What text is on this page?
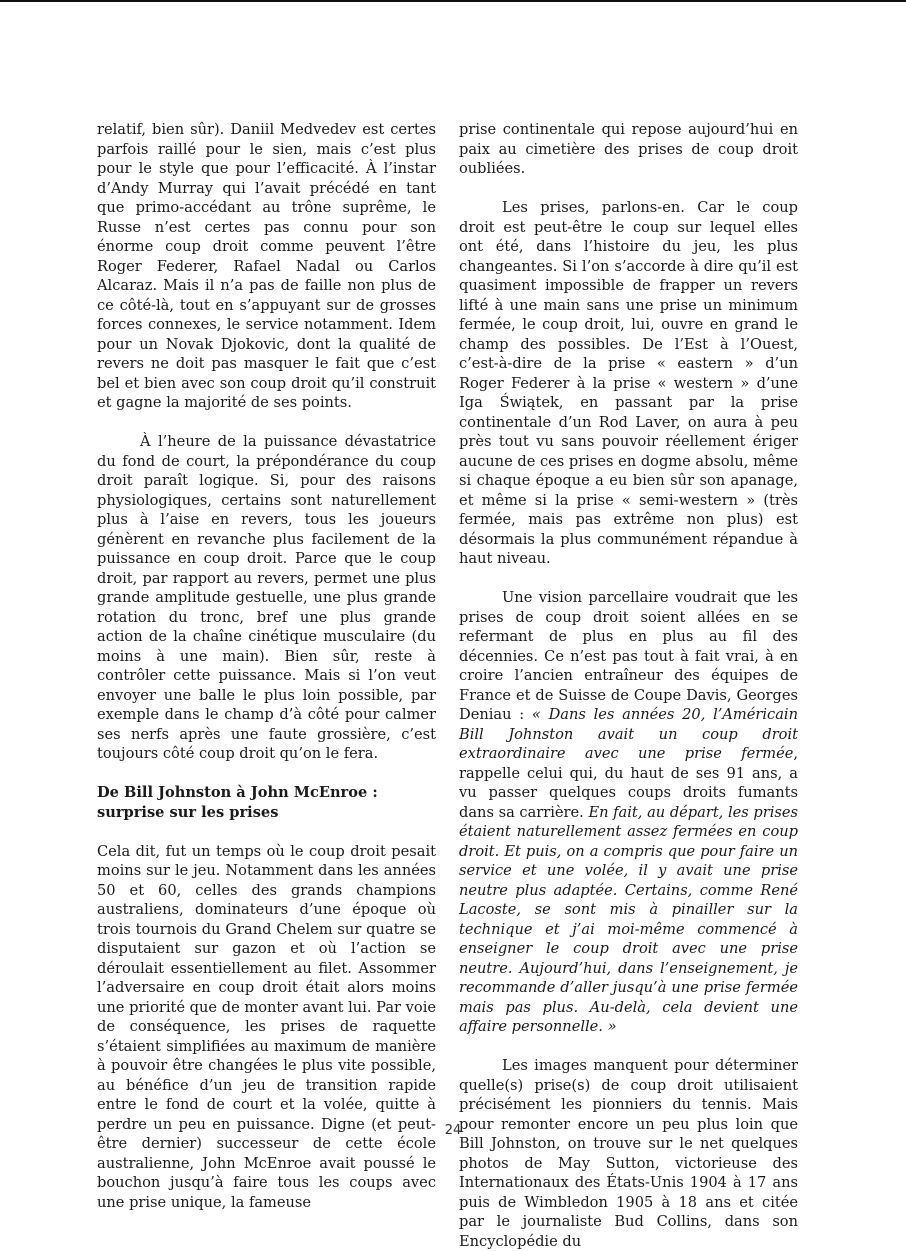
relatif, bien sûr). Daniil Medvedev est certes parfois raillé pour le sien, mais c’est plus pour le style que pour l’efficacité. À l’instar d’Andy Murray qui l’avait précédé en tant que primo-accédant au trône suprême, le Russe n’est certes pas connu pour son énorme coup droit comme peuvent l’être Roger Federer, Rafael Nadal ou Carlos Alcaraz. Mais il n’a pas de faille non plus de ce côté-là, tout en s’appuyant sur de grosses forces connexes, le service notamment. Idem pour un Novak Djokovic, dont la qualité de revers ne doit pas masquer le fait que c’est bel et bien avec son coup droit qu’il construit et gagne la majorité de ses points.

À l’heure de la puissance dévastatrice du fond de court, la prépondérance du coup droit paraît logique. Si, pour des raisons physiologiques, certains sont naturellement plus à l’aise en revers, tous les joueurs génèrent en revanche plus facilement de la puissance en coup droit. Parce que le coup droit, par rapport au revers, permet une plus grande amplitude gestuelle, une plus grande rotation du tronc, bref une plus grande action de la chaîne cinétique musculaire (du moins à une main). Bien sûr, reste à contrôler cette puissance. Mais si l’on veut envoyer une balle le plus loin possible, par exemple dans le champ d’à côté pour calmer ses nerfs après une faute grossière, c’est toujours côté coup droit qu’on le fera.

De Bill Johnston à John McEnroe :
surprise sur les prises

Cela dit, fut un temps où le coup droit pesait moins sur le jeu. Notamment dans les années 50 et 60, celles des grands champions australiens, dominateurs d’une époque où trois tournois du Grand Chelem sur quatre se disputaient sur gazon et où l’action se déroulait essentiellement au filet. Assommer l’adversaire en coup droit était alors moins une priorité que de monter avant lui. Par voie de conséquence, les prises de raquette s’étaient simplifiées au maximum de manière à pouvoir être changées le plus vite possible, au bénéfice d’un jeu de transition rapide entre le fond de court et la volée, quitte à perdre un peu en puissance. Digne (et peut-être dernier) successeur de cette école australienne, John McEnroe avait poussé le bouchon jusqu’à faire tous les coups avec une prise unique, la fameuse

prise continentale qui repose aujourd’hui en paix au cimetière des prises de coup droit oubliées.

Les prises, parlons-en. Car le coup droit est peut-être le coup sur lequel elles ont été, dans l’histoire du jeu, les plus changeantes. Si l’on s’accorde à dire qu’il est quasiment impossible de frapper un revers lifté à une main sans une prise un minimum fermée, le coup droit, lui, ouvre en grand le champ des possibles. De l’Est à l’Ouest, c’est-à-dire de la prise « eastern » d’un Roger Federer à la prise « western » d’une Iga Świątek, en passant par la prise continentale d’un Rod Laver, on aura à peu près tout vu sans pouvoir réellement ériger aucune de ces prises en dogme absolu, même si chaque époque a eu bien sûr son apanage, et même si la prise « semi-western » (très fermée, mais pas extrême non plus) est désormais la plus communément répandue à haut niveau.

Une vision parcellaire voudrait que les prises de coup droit soient allées en se refermant de plus en plus au fil des décennies. Ce n’est pas tout à fait vrai, à en croire l’ancien entraîneur des équipes de France et de Suisse de Coupe Davis, Georges Deniau : « Dans les années 20, l’Américain Bill Johnston avait un coup droit extraordinaire avec une prise fermée, rappelle celui qui, du haut de ses 91 ans, a vu passer quelques coups droits fumants dans sa carrière. En fait, au départ, les prises étaient naturellement assez fermées en coup droit. Et puis, on a compris que pour faire un service et une volée, il y avait une prise neutre plus adaptée. Certains, comme René Lacoste, se sont mis à pinailler sur la technique et j’ai moi-même commencé à enseigner le coup droit avec une prise neutre. Aujourd’hui, dans l’enseignement, je recommande d’aller jusqu’à une prise fermée mais pas plus. Au-delà, cela devient une affaire personnelle. »

Les images manquent pour déterminer quelle(s) prise(s) de coup droit utilisaient précisément les pionniers du tennis. Mais pour remonter encore un peu plus loin que Bill Johnston, on trouve sur le net quelques photos de May Sutton, victorieuse des Internationaux des États-Unis 1904 à 17 ans puis de Wimbledon 1905 à 18 ans et citée par le journaliste Bud Collins, dans son Encyclopédie du

24
